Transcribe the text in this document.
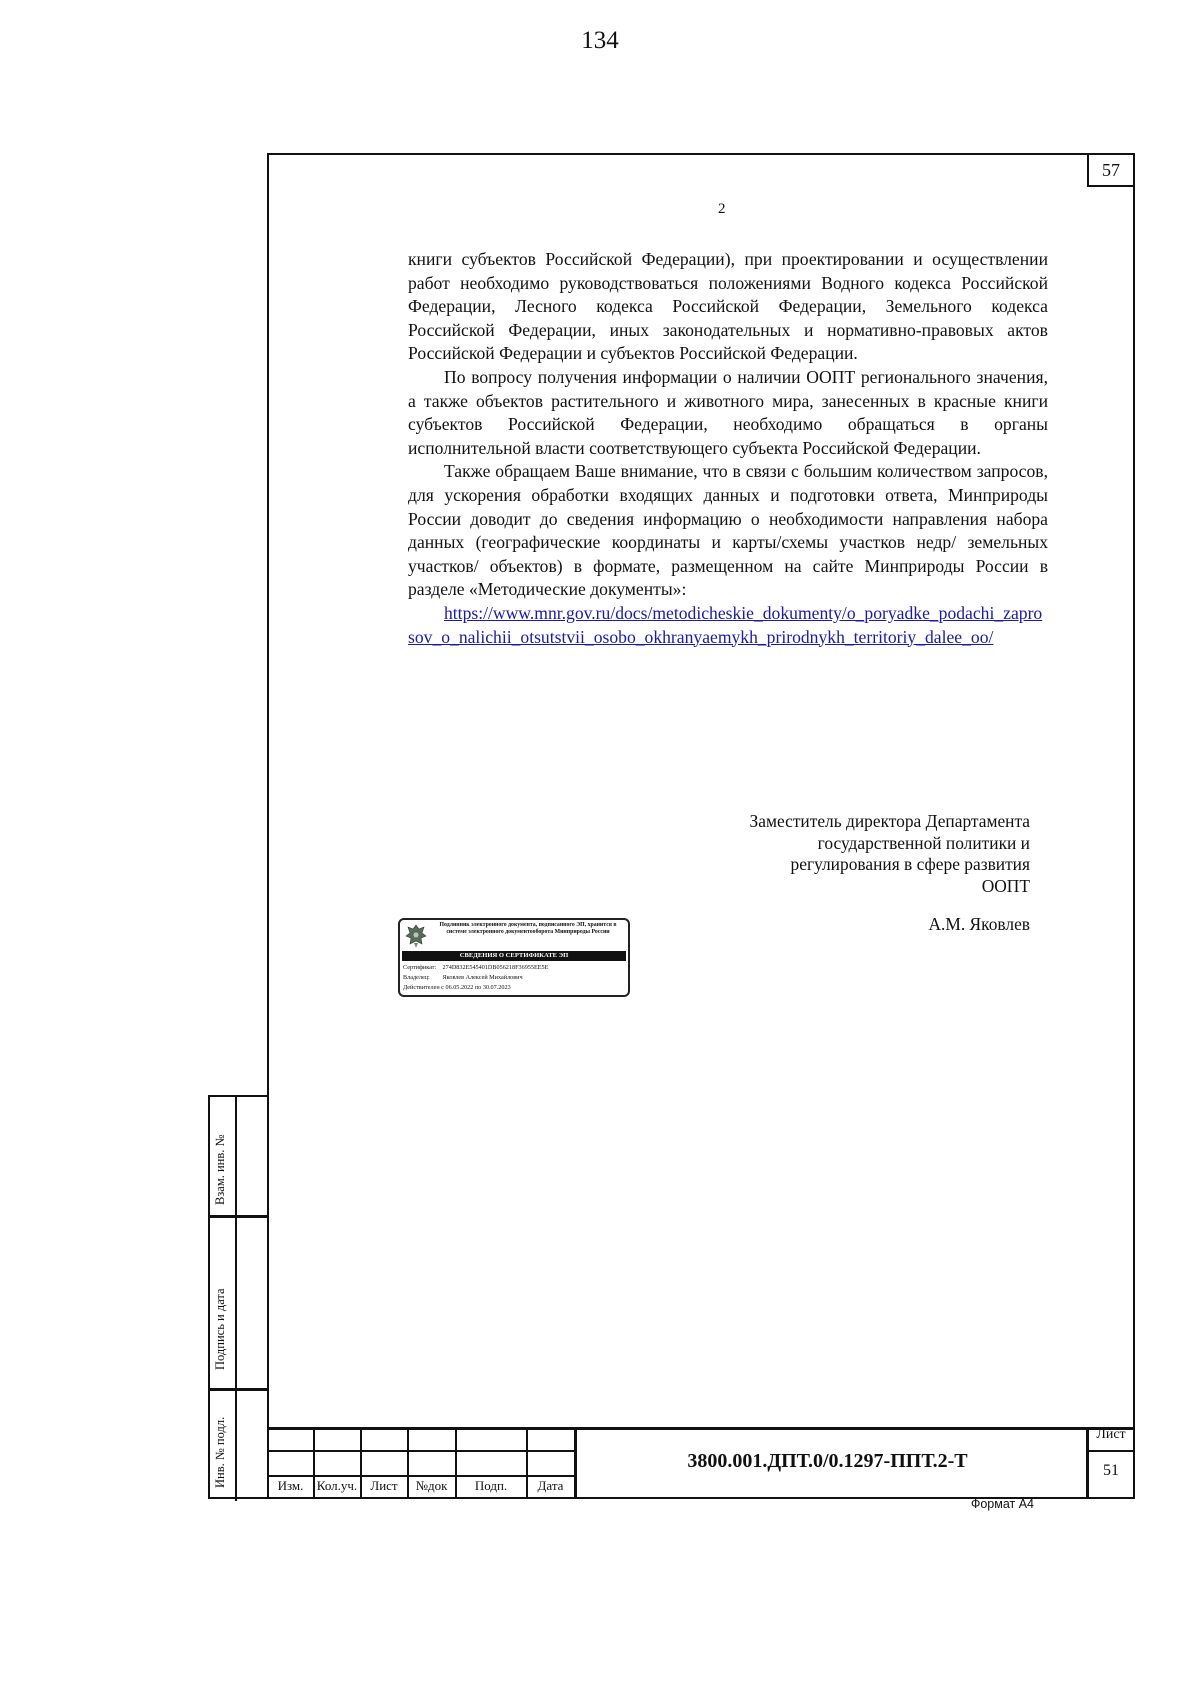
134
57
2

книги субъектов Российской Федерации), при проектировании и осуществлении работ необходимо руководствоваться положениями Водного кодекса Российской Федерации, Лесного кодекса Российской Федерации, Земельного кодекса Российской Федерации, иных законодательных и нормативно-правовых актов Российской Федерации и субъектов Российской Федерации.

По вопросу получения информации о наличии ООПТ регионального значения, а также объектов растительного и животного мира, занесенных в красные книги субъектов Российской Федерации, необходимо обращаться в органы исполнительной власти соответствующего субъекта Российской Федерации.

Также обращаем Ваше внимание, что в связи с большим количеством запросов, для ускорения обработки входящих данных и подготовки ответа, Минприроды России доводит до сведения информацию о необходимости направления набора данных (географические координаты и карты/схемы участков недр/ земельных участков/ объектов) в формате, размещенном на сайте Минприроды России в разделе «Методические документы»:

https://www.mnr.gov.ru/docs/metodicheskie_dokumenty/o_poryadke_podachi_zaprosov_o_nalichii_otsutstvii_osobo_okhranyaemykh_prirodnykh_territoriy_dalee_oo/

Заместитель директора Департамента
государственной политики и
регулирования в сфере развития
ООПТ
А.М. Яковлев
Подлинник электронного документа, подписанного ЭП, хранится в системе электронного документооборота Минприроды России
СВЕДЕНИЯ О СЕРТИФИКАТЕ ЭП
Сертификат: 274D832E545401DB056218F36955EE5E
Владелец: Яковлев Алексей Михайлович
Действителен с 06.05.2022 по 30.07.2023
Взам. инв. №
Подпись и дата
Инв. № подл.	Изм.	Кол.уч.	Лист	№док	Подп.	Дата
3800.001.ДПТ.0/0.1297-ППТ.2-Т
Лист
51
Формат А4
